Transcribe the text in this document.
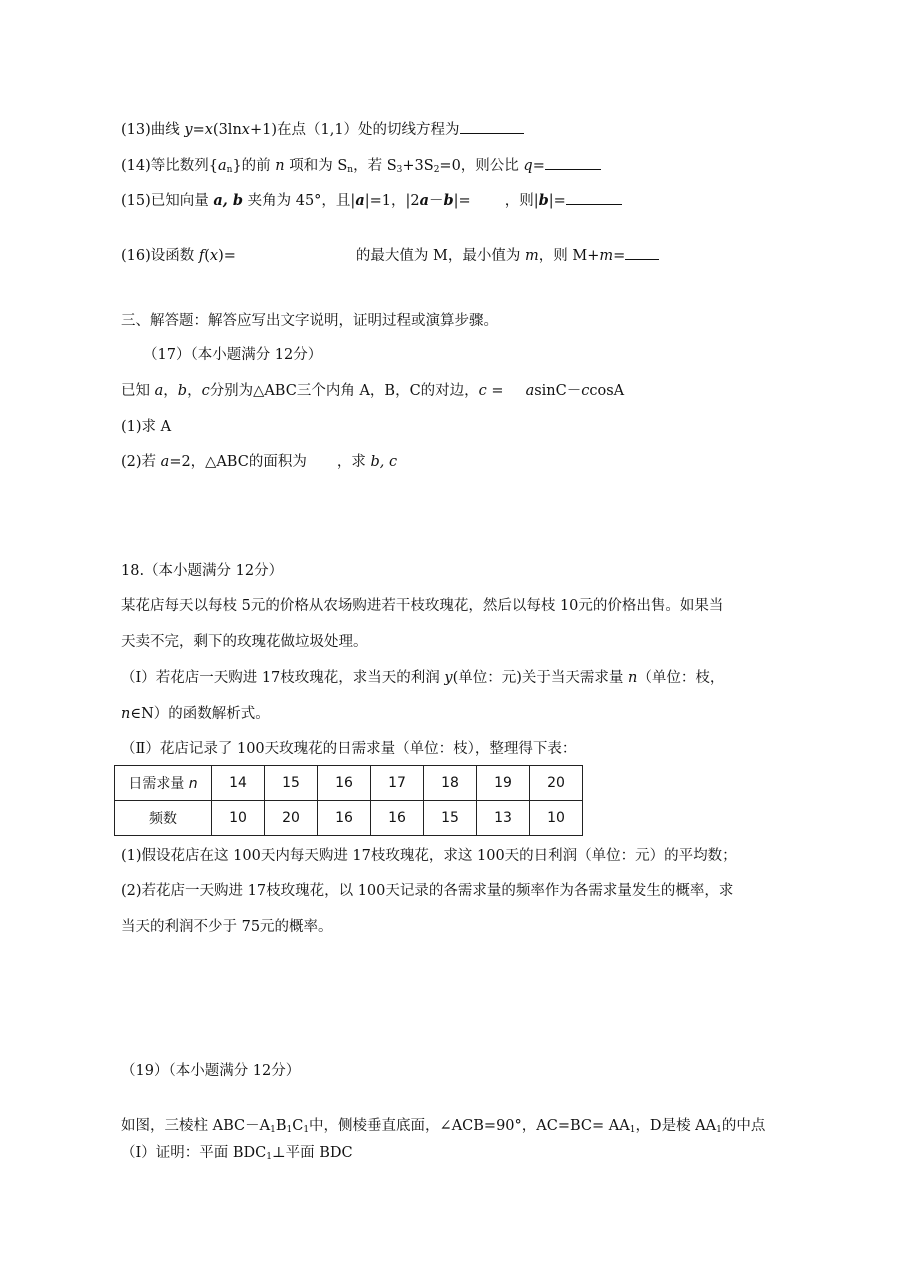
(13)曲线 y=x(3lnx+1)在点（1,1）处的切线方程为
(14)等比数列$\{a_n\}$的前 n 项和为 $S_n$，若 $S_3+3S_2=0$，则公比 q=
(15)已知向量 a, b 夹角为 45°，且|a|=1，|2a－b|= ，则|b|=
(16)设函数 f(x)=	的最大值为 M，最小值为 m，则 M+m=
三、解答题：解答应写出文字说明，证明过程或演算步骤。
（17）（本小题满分 12分）
已知 a，b，c分别为△ABC三个内角 A，B，C的对边，c = asinC－ccosA
(1)求 A
(2)若 a=2，△ABC的面积为 ，求 b, c
18.（本小题满分 12分）
某花店每天以每枝 5元的价格从农场购进若干枝玫瑰花，然后以每枝 10元的价格出售。如果当
天卖不完，剩下的玫瑰花做垃圾处理。
（Ⅰ）若花店一天购进 17枝玫瑰花，求当天的利润 y(单位：元)关于当天需求量 n（单位：枝，
n∈N）的函数解析式。
（Ⅱ）花店记录了 100天玫瑰花的日需求量（单位：枝），整理得下表：
日需求量 n	14	15	16	17	18	19	20
频数	10	20	16	16	15	13	10
(1)假设花店在这 100天内每天购进 17枝玫瑰花，求这 100天的日利润（单位：元）的平均数；
(2)若花店一天购进 17枝玫瑰花，以 100天记录的各需求量的频率作为各需求量发生的概率，求
当天的利润不少于 75元的概率。
（19）（本小题满分 12分）
如图，三棱柱 $ABC-A_1B_1C_1$中，侧棱垂直底面，∠ACB=90°，$AC=BC= AA_1$，D是棱 $AA_1$的中点
（Ⅰ）证明：平面 $BDC_1\perp$平面 BDC
